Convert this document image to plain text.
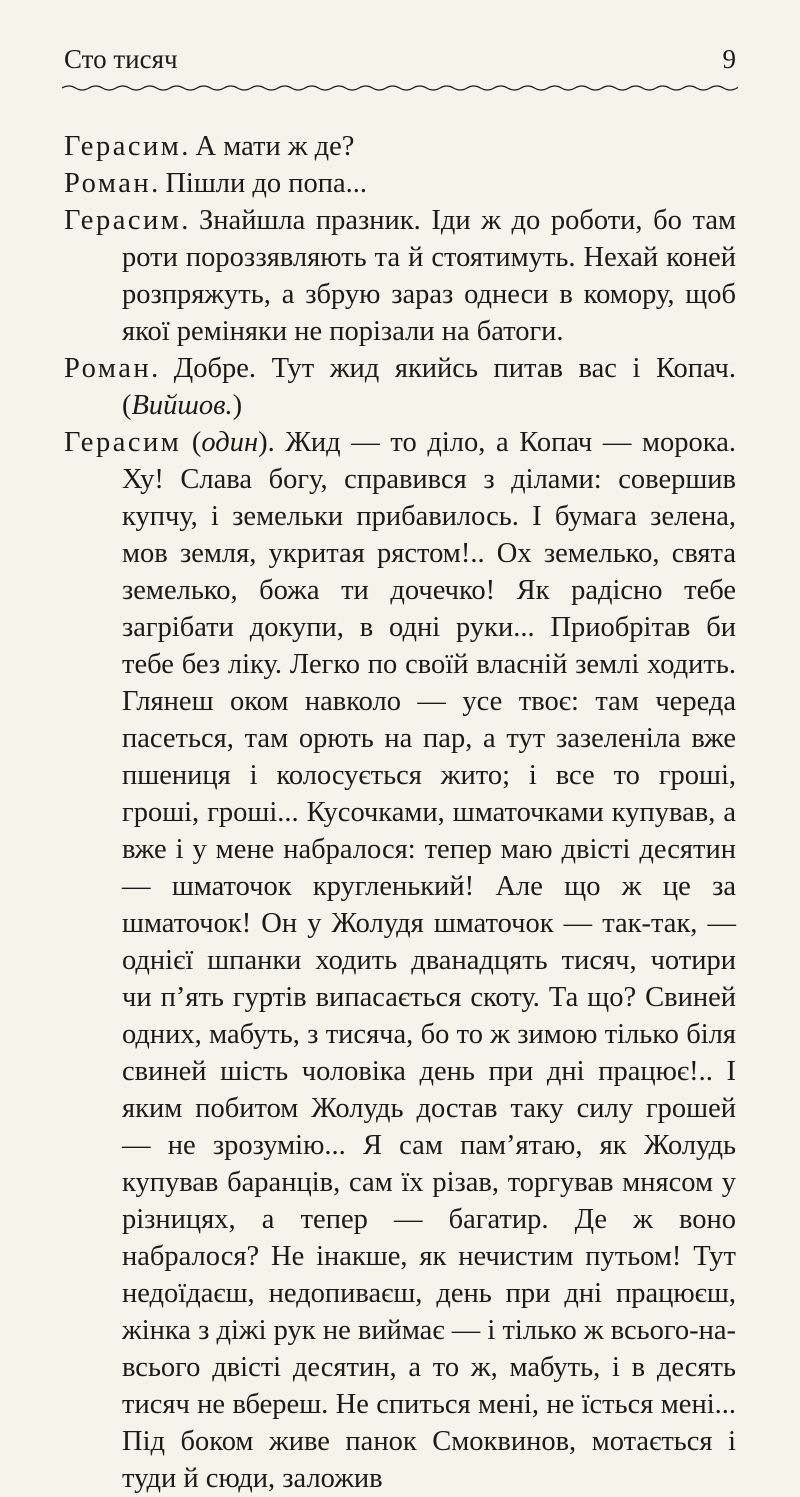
Сто тисяч	9

Герасим. А мати ж де?

Роман. Пішли до попа...

Герасим. Знайшла празник. Іди ж до роботи, бо там роти пороззявляють та й стоятимуть. Нехай коней розпряжуть, а збрую зараз однеси в комору, щоб якої реміняки не порізали на батоги.

Роман. Добре. Тут жид якийсь питав вас і Копач. (Вийшов.)

Герасим (один). Жид — то діло, а Копач — морока. Ху! Слава богу, справився з ділами: совершив купчу, і земельки прибавилось. І бумага зелена, мов земля, укритая рястом!.. Ох земелько, свята земелько, божа ти дочечко! Як радісно тебе загрібати докупи, в одні руки... Приобрітав би тебе без ліку. Легко по своїй власній землі ходить. Глянеш оком навколо — усе твоє: там череда пасеться, там орють на пар, а тут зазеленіла вже пшениця і колосується жито; і все то гроші, гроші, гроші... Кусочками, шматочками купував, а вже і у мене набралося: тепер маю двісті десятин — шматочок кругленький! Але що ж це за шматочок! Он у Жолудя шматочок — так-так, — однієї шпанки ходить дванадцять тисяч, чотири чи п’ять гуртів випасається скоту. Та що? Свиней одних, мабуть, з тисяча, бо то ж зимою тілько біля свиней шість чоловіка день при дні працює!.. І яким побитом Жолудь достав таку силу грошей — не зрозумію... Я сам пам’ятаю, як Жолудь купував баранців, сам їх різав, торгував мнясом у різницях, а тепер — багатир. Де ж воно набралося? Не інакше, як нечистим путьом! Тут недоїдаєш, недопиваєш, день при дні працюєш, жінка з діжі рук не виймає — і тілько ж всього-на-всього двісті десятин, а то ж, мабуть, і в десять тисяч не вбереш. Не спиться мені, не їсться мені... Під боком живе панок Смоквинов, мотається і туди й сюди, заложив
